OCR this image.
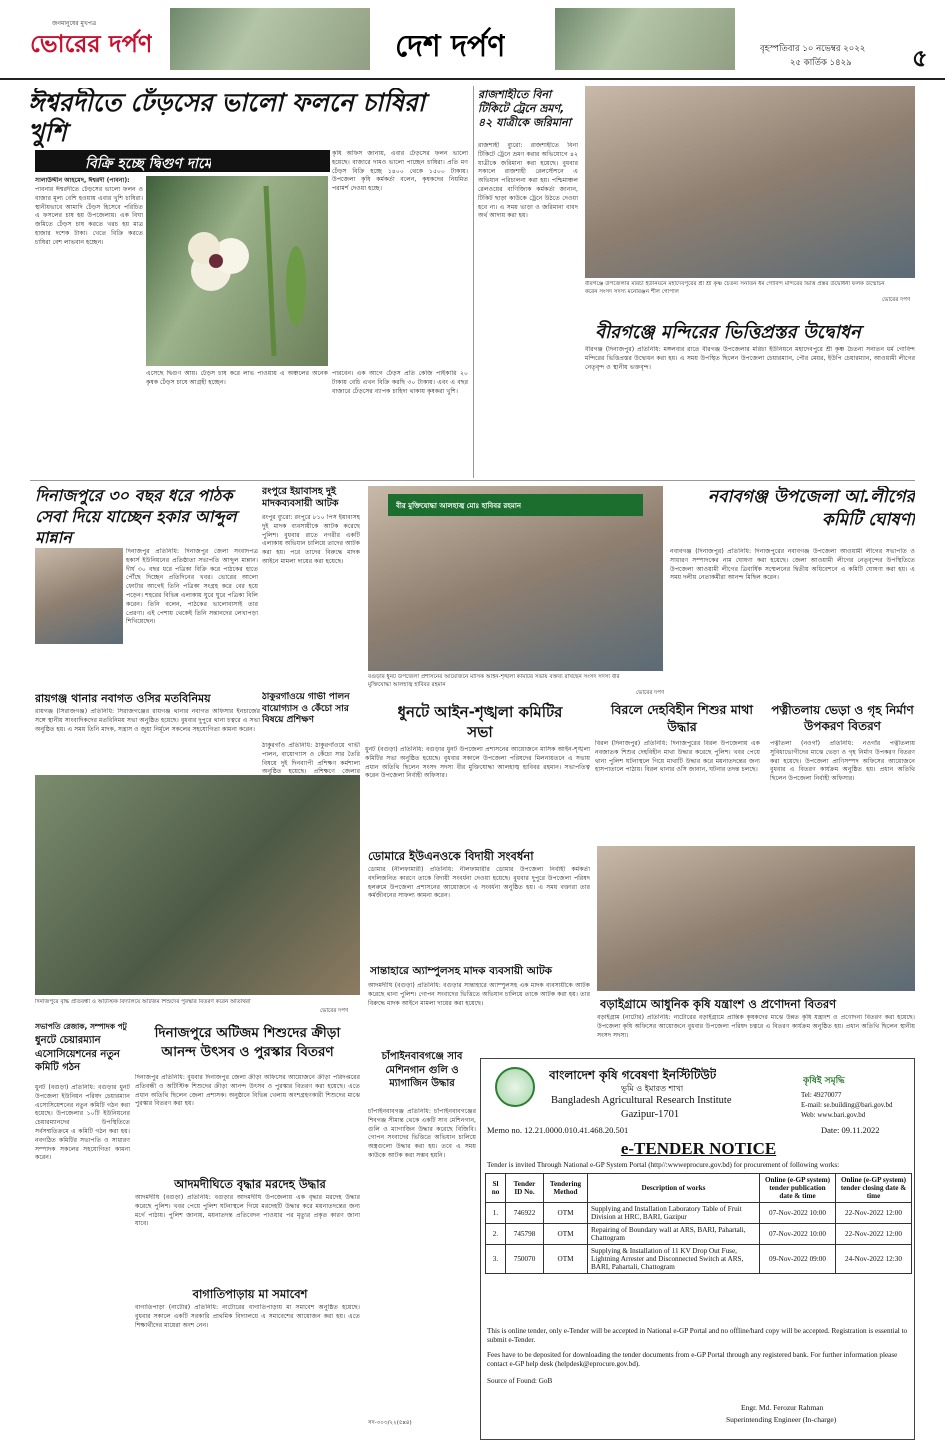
জনমানুষের মুখপত্র
ভোরের দর্পণ	দেশ দর্পণ	বৃহস্পতিবার ১০ নভেম্বর ২০২২
২৫ কার্তিক ১৪২৯	৫
ঈশ্বরদীতে ঢেঁড়সের ভালো ফলনে চাষিরা খুশি
বিক্রি হচ্ছে দ্বিগুণ দামে
সালাউদ্দীন আহমেদ, ঈশ্বরদী (পাবনা):
পাবনার ঈশ্বরদীতে ঢেঁড়সের ভালো ফলন ও বাজার মূল্য বেশি হওয়ায় এবার খুশি চাষিরা। স্থানীয়ভাবে আমাদি ঢেঁড়স হিসেবে পরিচিত এ ফসলের চাষ হয় উপজেলায়। এক বিঘা জমিতে ঢেঁড়স চাষ করতে খরচ হয় মাত্র হাজার দশেক টাকা। খেতে বিক্রি করতে চাষিরা বেশ লাভবান হচ্ছেন।
এসেছে দ্বিগুণ আয়। ঢেঁড়স চাষ করে লাভ পাওয়ায় এ অঞ্চলের অনেক কৃষক ঢেঁড়স চাষে আগ্রহী হচ্ছেন।
কৃষি অফিস জানায়, এবার ঢেঁড়সের ফলন ভালো হয়েছে। বাজারে দামও ভালো পাচ্ছেন চাষিরা। প্রতি মণ ঢেঁড়স বিক্রি হচ্ছে ১৪০০ থেকে ১৫০০ টাকায়। উপজেলা কৃষি কর্মকর্তা বলেন, কৃষকদের নিয়মিত পরামর্শ দেওয়া হচ্ছে।
পারবেন। এক আগে ঢেঁড়স প্রতি কেজি পাইকারি ২০ টাকায় বেচি এখন বিক্রি করছি ৩০ টাকায়। এবং এ বছর বাজারে ঢেঁড়সের ব্যাপক চাহিদা থাকায় কৃষকরা খুশি।
রাজশাহীতে বিনা টিকিটে ট্রেনে ভ্রমণ, ৪২ যাত্রীকে জরিমানা
রাজশাহী ব্যুরো: রাজশাহীতে বিনা টিকিটে ট্রেনে ভ্রমণ করার অভিযোগে ৪২ যাত্রীকে জরিমানা করা হয়েছে। বুধবার সকালে রাজশাহী রেলস্টেশনে এ অভিযান পরিচালনা করা হয়। পশ্চিমাঞ্চল রেলওয়ের বাণিজ্যিক কর্মকর্তা জানান, টিকিট ছাড়া কাউকে ট্রেনে উঠতে দেওয়া হবে না। এ সময় ভাড়া ও জরিমানা বাবদ অর্থ আদায় করা হয়।
বীরগঞ্জে উপজেলার মরিচা ইউনিয়নে মহাদেবপুরের শ্রী শ্রী কৃষ্ণ চৈতন্য সনাতন ধর্ম গোবিন্দ মন্দিরের ভিত্তি প্রস্তর উদ্বোধনী ফলক উন্মোচন করেন সংসদ সদস্য মনোরঞ্জন শীল গোপাল
ভোরের দর্পণ
বীরগঞ্জে মন্দিরের ভিত্তিপ্রস্তর উদ্বোধন
বীরগঞ্জ (দিনাজপুর) প্রতিনিধি: মঙ্গলবার রাতে বীরগঞ্জ উপজেলার মরিচা ইউনিয়নে মহাদেবপুরে শ্রী কৃষ্ণ চৈতন্য সনাতন ধর্ম গোবিন্দ মন্দিরের ভিত্তিপ্রস্তর উদ্বোধন করা হয়। এ সময় উপস্থিত ছিলেন উপজেলা চেয়ারম্যান, পৌর মেয়র, ইউপি চেয়ারম্যান, আওয়ামী লীগের নেতৃবৃন্দ ও স্থানীয় ভক্তবৃন্দ।
দিনাজপুরে ৩০ বছর ধরে পাঠক সেবা দিয়ে যাচ্ছেন হকার আব্দুল মান্নান
দিনাজপুর প্রতিনিধি: দিনাজপুর জেলা সংবাদপত্র হকার্স ইউনিয়নের প্রতিষ্ঠাতা সভাপতি আব্দুল মান্নান। দীর্ঘ ৩০ বছর ধরে পত্রিকা বিক্রি করে পাঠকের হাতে পৌঁছে দিচ্ছেন প্রতিদিনের খবর। ভোরের আলো ফোটার আগেই তিনি পত্রিকা সংগ্রহ করে বের হয়ে পড়েন। শহরের বিভিন্ন এলাকায় ঘুরে ঘুরে পত্রিকা বিলি করেন। তিনি বলেন, পাঠকের ভালোবাসাই তার প্রেরণা। এই পেশায় থেকেই তিনি সন্তানদের লেখাপড়া শিখিয়েছেন।
রংপুরে ইয়াবাসহ দুই মাদকব্যবসায়ী আটক
রংপুর ব্যুরো: রংপুরে ৮১০ পিস ইয়াবাসহ দুই মাদক ব্যবসায়ীকে আটক করেছে পুলিশ। বুধবার রাতে নগরীর একটি এলাকায় অভিযান চালিয়ে তাদের আটক করা হয়। পরে তাদের বিরুদ্ধে মাদক আইনে মামলা দায়ের করা হয়েছে।
বীর মুক্তিযোদ্ধা আলহাজ্ব মোঃ হাবিবর রহমান
বগুড়ার ধুনট উপজেলা প্রশাসনের আয়োজনে মাসিক আইন-শৃঙ্খলা কমিটির সভায় বক্তব্য রাখছেন সংসদ সদস্য বীর মুক্তিযোদ্ধা আলহাজ্ব হাবিবর রহমান
ভোরের দর্পণ
নবাবগঞ্জ উপজেলা আ.লীগের কমিটি ঘোষণা
নবাবগঞ্জ (দিনাজপুর) প্রতিনিধি: দিনাজপুরের নবাবগঞ্জ উপজেলা আওয়ামী লীগের সভাপতি ও সাধারণ সম্পাদকের নাম ঘোষণা করা হয়েছে। জেলা আওয়ামী লীগের নেতৃবৃন্দের উপস্থিতিতে উপজেলা আওয়ামী লীগের ত্রিবার্ষিক সম্মেলনের দ্বিতীয় অধিবেশনে এ কমিটি ঘোষণা করা হয়। এ সময় দলীয় নেতাকর্মীরা আনন্দ মিছিল করেন।
রায়গঞ্জ থানার নবাগত ওসির মতবিনিময়
রায়গঞ্জ (সিরাজগঞ্জ) প্রতিনিধি: সিরাজগঞ্জের রায়গঞ্জ থানার নবাগত অফিসার ইনচার্জের সঙ্গে স্থানীয় সাংবাদিকদের মতবিনিময় সভা অনুষ্ঠিত হয়েছে। বুধবার দুপুরে থানা চত্বরে এ সভা অনুষ্ঠিত হয়। এ সময় তিনি মাদক, সন্ত্রাস ও জুয়া নির্মূলে সকলের সহযোগিতা কামনা করেন।
ঠাকুরগাঁওয়ে গাভী পালন বায়োগ্যাস ও কেঁচো সার বিষয়ে প্রশিক্ষণ
ঠাকুরগাঁও প্রতিনিধি: ঠাকুরগাঁওয়ে গাভী পালন, বায়োগ্যাস ও কেঁচো সার তৈরি বিষয়ে দুই দিনব্যাপী প্রশিক্ষণ কর্মশালা অনুষ্ঠিত হয়েছে। প্রশিক্ষণে জেলার
ধুনটে আইন-শৃঙ্খলা কমিটির সভা
ধুনট (বগুড়া) প্রতিনিধি: বগুড়ার ধুনট উপজেলা প্রশাসনের আয়োজনে মাসিক আইন-শৃঙ্খলা কমিটির সভা অনুষ্ঠিত হয়েছে। বুধবার সকালে উপজেলা পরিষদের মিলনায়তনে এ সভায় প্রধান অতিথি ছিলেন সংসদ সদস্য বীর মুক্তিযোদ্ধা আলহাজ্ব হাবিবর রহমান। সভাপতিত্ব করেন উপজেলা নির্বাহী অফিসার।
বিরলে দেহবিহীন শিশুর মাথা উদ্ধার
বিরল (দিনাজপুর) প্রতিনিধি: দিনাজপুরের বিরল উপজেলায় এক নবজাতক শিশুর দেহবিহীন মাথা উদ্ধার করেছে পুলিশ। খবর পেয়ে থানা পুলিশ ঘটনাস্থলে গিয়ে মাথাটি উদ্ধার করে ময়নাতদন্তের জন্য হাসপাতালে পাঠায়। বিরল থানার ওসি জানান, ঘটনার তদন্ত চলছে।
পত্নীতলায় ভেড়া ও গৃহ নির্মাণ উপকরণ বিতরণ
পত্নীতলা (নওগাঁ) প্রতিনিধি: নওগাঁর পত্নীতলায় সুবিধাভোগীদের মাঝে ভেড়া ও গৃহ নির্মাণ উপকরণ বিতরণ করা হয়েছে। উপজেলা প্রাণিসম্পদ অফিসের আয়োজনে বুধবার এ বিতরণ কার্যক্রম অনুষ্ঠিত হয়। প্রধান অতিথি ছিলেন উপজেলা নির্বাহী অফিসার।
দিনাজপুরে বৃদ্ধি প্রতিবন্ধী ও অটিস্টিক বিদ্যালয়ে অটিজম শিশুদের পুরস্কার বিতরণ করেন অতিথিরা
ভোরের দর্পণ
ডোমারে ইউএনওকে বিদায়ী সংবর্ধনা
ডোমার (নীলফামারী) প্রতিনিধি: নীলফামারীর ডোমার উপজেলা নির্বাহী কর্মকর্তা বদলিজনিত কারণে তাকে বিদায়ী সংবর্ধনা দেওয়া হয়েছে। বুধবার দুপুরে উপজেলা পরিষদ হলরুমে উপজেলা প্রশাসনের আয়োজনে এ সংবর্ধনা অনুষ্ঠিত হয়। এ সময় বক্তারা তার কর্মজীবনের সাফল্য কামনা করেন।
সান্তাহারে অ্যাম্পুলসহ মাদক ব্যবসায়ী আটক
আদমদীঘি (বগুড়া) প্রতিনিধি: বগুড়ার সান্তাহারে অ্যাম্পুলসহ এক মাদক ব্যবসায়ীকে আটক করেছে থানা পুলিশ। গোপন সংবাদের ভিত্তিতে অভিযান চালিয়ে তাকে আটক করা হয়। তার বিরুদ্ধে মাদক আইনে মামলা দায়ের করা হয়েছে।	বড়াইগ্রামে আধুনিক কৃষি যন্ত্রাংশ ও প্রণোদনা বিতরণ
বড়াইগ্রাম (নাটোর) প্রতিনিধি: নাটোরের বড়াইগ্রামে প্রান্তিক কৃষকদের মাঝে উন্নত কৃষি যন্ত্রাংশ ও প্রণোদনা বিতরণ করা হয়েছে। উপজেলা কৃষি অফিসের আয়োজনে বুধবার উপজেলা পরিষদ চত্বরে এ বিতরণ কার্যক্রম অনুষ্ঠিত হয়। প্রধান অতিথি ছিলেন স্থানীয় সংসদ সদস্য।
সভাপতি রেজাক, সম্পাদক পটু
ধুনটে চেয়ারম্যান এসোসিয়েশনের নতুন কমিটি গঠন
ধুনট (বগুড়া) প্রতিনিধি: বগুড়ার ধুনট উপজেলা ইউনিয়ন পরিষদ চেয়ারম্যান এসোসিয়েশনের নতুন কমিটি গঠন করা হয়েছে। উপজেলার ১০টি ইউনিয়নের চেয়ারম্যানদের উপস্থিতিতে সর্বসম্মতিক্রমে এ কমিটি গঠন করা হয়। নবগঠিত কমিটির সভাপতি ও সাধারণ সম্পাদক সকলের সহযোগিতা কামনা করেন।
দিনাজপুরে অটিজম শিশুদের ক্রীড়া আনন্দ উৎসব ও পুরস্কার বিতরণ
দিনাজপুর প্রতিনিধি: বুধবার দিনাজপুর জেলা ক্রীড়া অফিসের আয়োজনে ক্রীড়া পরিদপ্তরের প্রতিবন্ধী ও অটিস্টিক শিশুদের ক্রীড়া আনন্দ উৎসব ও পুরস্কার বিতরণ করা হয়েছে। এতে প্রধান অতিথি ছিলেন জেলা প্রশাসক। অনুষ্ঠানে বিভিন্ন খেলায় অংশগ্রহণকারী শিশুদের মাঝে পুরস্কার বিতরণ করা হয়।
আদমদীঘিতে বৃদ্ধার মরদেহ উদ্ধার
আদমদীঘি (বগুড়া) প্রতিনিধি: বগুড়ার আদমদীঘি উপজেলায় এক বৃদ্ধার মরদেহ উদ্ধার করেছে পুলিশ। খবর পেয়ে পুলিশ ঘটনাস্থলে গিয়ে মরদেহটি উদ্ধার করে ময়নাতদন্তের জন্য মর্গে পাঠায়। পুলিশ জানায়, ময়নাতদন্ত প্রতিবেদন পাওয়ার পর মৃত্যুর প্রকৃত কারণ জানা যাবে।
বাগাতিপাড়ায় মা সমাবেশ
বাগাতিপাড়া (নাটোর) প্রতিনিধি: নাটোরের বাগাতিপাড়ায় মা সমাবেশ অনুষ্ঠিত হয়েছে। বুধবার সকালে একটি সরকারি প্রাথমিক বিদ্যালয়ে এ সমাবেশের আয়োজন করা হয়। এতে শিক্ষার্থীদের মায়েরা অংশ নেন।
চাঁপাইনবাবগঞ্জে সাব মেশিনগান গুলি ও ম্যাগাজিন উদ্ধার
চাঁপাইনবাবগঞ্জ প্রতিনিধি: চাঁপাইনবাবগঞ্জের শিবগঞ্জ সীমান্ত থেকে একটি সাব মেশিনগান, গুলি ও ম্যাগাজিন উদ্ধার করেছে বিজিবি। গোপন সংবাদের ভিত্তিতে অভিযান চালিয়ে অস্ত্রগুলো উদ্ধার করা হয়। তবে এ সময় কাউকে আটক করা সম্ভব হয়নি।
সদ-৩০৩/২২(৫x৪)
বাংলাদেশ কৃষি গবেষণা ইনস্টিটিউট
ভূমি ও ইমারত শাখা
Bangladesh Agricultural Research Institute
Gazipur-1701
কৃষিই সমৃদ্ধি
Tel: 49270077
E-mail: se.building@bari.gov.bd
Web: www.bari.gov.bd
Memo no. 12.21.0000.010.41.468.20.501	Date: 09.11.2022
e-TENDER NOTICE
Tender is invited Through National e-GP System Portal (http//:wwweprocure.gov.bd) for procurement of following works:
Sl no	Tender ID No.	Tendering Method	Description of works	Online (e-GP system) tender publication date & time	Online (e-GP system) tender closing date & time
1.	746922	OTM	Supplying and Installation Laboratory Table of Fruit Division at HRC, BARI, Gazipur	07-Nov-2022 10:00	22-Nov-2022 12:00
2.	745798	OTM	Repairing of Boundary wall at ARS, BARI, Pahartali, Chattogram	07-Nov-2022 10:00	22-Nov-2022 12:00
3.	750070	OTM	Supplying & Installation of 11 KV Drop Out Fuse, Lightning Arrester and Disconnected Switch at ARS, BARI, Pahartali, Chattogram	09-Nov-2022 09:00	24-Nov-2022 12:30
This is online tender, only e-Tender will be accepted in National e-GP Portal and no offline/hard copy will be accepted. Registration is essential to submit e-Tender.
Fees have to be deposited for downloading the tender documents from e-GP Portal through any registered bank. For further information please contact e-GP help desk (helpdesk@eprocure.gov.bd).
Source of Found: GoB
Engr. Md. Ferozur Rahman
Superintending Engineer (In-charge)
